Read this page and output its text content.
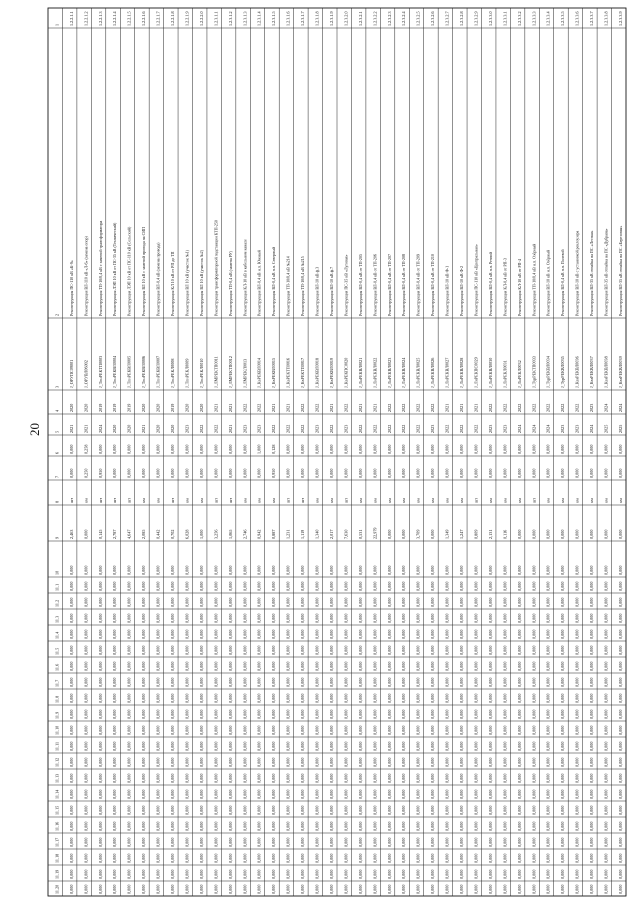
1
2
3
4
5
6
7
8
9
10
11.1
11.2
11.3
11.4
11.5
11.6
11.7
11.8
11.9
11.10
11.11
11.12
11.13
11.14
11.15
11.16
11.17
11.18
11.19
11.20
1.2.2.1.1
Реконструкция ПС-110 кВ «К-9»
J_ОРУПС09001
2020
2021
0,000
0,000
шт
2,463
0,000
0,000
0,000
0,000
0,000
0,000
0,000
0,000
0,000
0,000
0,000
0,000
0,000
0,000
0,000
0,000
0,000
0,000
0,000
0,000
0,000
1.2.2.1.2
Реконструкция ВЛ-110 кВ «Л-6» (замена опор)
J_ОРУВЛ06002
2020
2021
0,258
0,250
км
0,000
0,000
0,000
0,000
0,000
0,000
0,000
0,000
0,000
0,000
0,000
0,000
0,000
0,000
0,000
0,000
0,000
0,000
0,000
0,000
0,000
0,000
1.2.2.1.3
Реконструкция ТП-10/0,4 кВ с заменой трансформатора
J_ТпнРЕКТП0003
2019
2024
0,000
0,950
шт
0,145
0,000
0,000
0,000
0,000
0,000
0,000
0,000
0,000
0,000
0,000
0,000
0,000
0,000
0,000
0,000
0,000
0,000
0,000
0,000
0,000
0,000
1.2.2.1.4
Реконструкция ЛЭП 10 кВ от ПС-35 кВ (Технический)
J_ТпнРЕКВЛ0004
2019
2020
0,000
0,000
шт
2,787
0,000
0,000
0,000
0,000
0,000
0,000
0,000
0,000
0,000
0,000
0,000
0,000
0,000
0,000
0,000
0,000
0,000
0,000
0,000
0,000
0,000
1.2.2.1.5
Реконструкция ЛЭП 10 кВ от ПС-110 кВ (Сельский)
J_ТпнРЕКВЛ0005
2019
2020
0,000
0,000
шт
4,647
0,000
0,000
0,000
0,000
0,000
0,000
0,000
0,000
0,000
0,000
0,000
0,000
0,000
0,000
0,000
0,000
0,000
0,000
0,000
0,000
0,000
1.2.2.1.6
Реконструкция ВЛ 10 кВ с заменой провода на СИП
J_ТпнРЕКВЛ0006
2020
2021
0,000
0,000
км
2,085
0,000
0,000
0,000
0,000
0,000
0,000
0,000
0,000
0,000
0,000
0,000
0,000
0,000
0,000
0,000
0,000
0,000
0,000
0,000
0,000
0,000
1.2.2.1.7
Реконструкция ВЛ-0,4 кВ (замена провода)
J_ТпнРЕКВЛ0007
2020
2020
0,000
0,000
км
0,442
0,000
0,000
0,000
0,000
0,000
0,000
0,000
0,000
0,000
0,000
0,000
0,000
0,000
0,000
0,000
0,000
0,000
0,000
0,000
0,000
0,000
1.2.2.1.8
Реконструкция КЛ 10 кВ от РП до ТП
J_ТпнРЕКЛ0008
2019
2020
0,000
0,000
шт
0,702
0,000
0,000
0,000
0,000
0,000
0,000
0,000
0,000
0,000
0,000
0,000
0,000
0,000
0,000
0,000
0,000
0,000
0,000
0,000
0,000
0,000
1.2.2.1.9
Реконструкция ВЛ 10 кВ (участок №1)
J_ТпнРЕКЛ0009
2020
2023
0,000
0,000
км
6,028
0,000
0,000
0,000
0,000
0,000
0,000
0,000
0,000
0,000
0,000
0,000
0,000
0,000
0,000
0,000
0,000
0,000
0,000
0,000
0,000
0,000
1.2.2.2.0
Реконструкция ВЛ 10 кВ (участок №2)
J_ТпнРЕКЛ0010
2020
2022
0,000
0,000
км
1,000
0,000
0,000
0,000
0,000
0,000
0,000
0,000
0,000
0,000
0,000
0,000
0,000
0,000
0,000
0,000
0,000
0,000
0,000
0,000
0,000
0,000
1.2.3.1.1
Реконструкция трансформаторной подстанции КТП-250
J_ЛМРЕКТП0011
2021
2022
0,000
0,000
шт
3,256
0,000
0,000
0,000
0,000
0,000
0,000
0,000
0,000
0,000
0,000
0,000
0,000
0,000
0,000
0,000
0,000
0,000
0,000
0,000
0,000
0,000
1.2.3.1.2
Реконструкция ТП-0,4 кВ (замена РУ)
J_ЛМРЕКТП0012
2021
2021
0,000
0,000
шт
1,065
0,000
0,000
0,000
0,000
0,000
0,000
0,000
0,000
0,000
0,000
0,000
0,000
0,000
0,000
0,000
0,000
0,000
0,000
0,000
0,000
0,000
1.2.3.1.3
Реконструкция КЛ-10 кВ в кабельном канале
J_ЛМРЕКЛ0013
2022
2023
0,000
0,000
км
2,746
0,000
0,000
0,000
0,000
0,000
0,000
0,000
0,000
0,000
0,000
0,000
0,000
0,000
0,000
0,000
0,000
0,000
0,000
0,000
0,000
0,000
1.2.3.1.4
Реконструкция ВЛ-0,4 кВ н.п. Южный
J_КвРЕКВЛ0014
2022
2023
1,000
0,000
км
0,942
0,000
0,000
0,000
0,000
0,000
0,000
0,000
0,000
0,000
0,000
0,000
0,000
0,000
0,000
0,000
0,000
0,000
0,000
0,000
0,000
0,000
1.2.3.1.5
Реконструкция ВЛ-0,4 кВ н.п. Северный
J_КвРЕКВЛ0015
2021
2022
0,128
0,950
км
0,887
0,000
0,000
0,000
0,000
0,000
0,000
0,000
0,000
0,000
0,000
0,000
0,000
0,000
0,000
0,000
0,000
0,000
0,000
0,000
0,000
0,000
1.2.3.1.6
Реконструкция ТП-10/0,4 кВ №214
J_КвРЕКТП0016
2021
2022
0,000
0,000
шт
1,231
0,000
0,000
0,000
0,000
0,000
0,000
0,000
0,000
0,000
0,000
0,000
0,000
0,000
0,000
0,000
0,000
0,000
0,000
0,000
0,000
0,000
1.2.3.1.7
Реконструкция ТП-10/0,4 кВ №215
J_КвРЕКТП0017
2022
2022
0,000
0,000
шт
1,119
0,000
0,000
0,000
0,000
0,000
0,000
0,000
0,000
0,000
0,000
0,000
0,000
0,000
0,000
0,000
0,000
0,000
0,000
0,000
0,000
0,000
1.2.3.1.8
Реконструкция ВЛ-10 кВ ф.3
J_КвРЕКВЛ0018
2022
2023
0,000
0,000
км
1,340
0,000
0,000
0,000
0,000
0,000
0,000
0,000
0,000
0,000
0,000
0,000
0,000
0,000
0,000
0,000
0,000
0,000
0,000
0,000
0,000
0,000
1.2.3.1.9
Реконструкция ВЛ-10 кВ ф.7
J_КвРЕКВЛ0019
2021
2022
0,000
0,000
км
2,017
0,000
0,000
0,000
0,000
0,000
0,000
0,000
0,000
0,000
0,000
0,000
0,000
0,000
0,000
0,000
0,000
0,000
0,000
0,000
0,000
0,000
1.2.3.2.0
Реконструкция ПС-35 кВ «Луговая»
J_КвРЕКПС0020
2022
2023
0,000
0,000
шт
7,630
0,000
0,000
0,000
0,000
0,000
0,000
0,000
0,000
0,000
0,000
0,000
0,000
0,000
0,000
0,000
0,000
0,000
0,000
0,000
0,000
0,000
1.2.3.2.1
Реконструкция ВЛ-0,4 кВ от ТП-205
J_ЛнРЕКВЛ0021
2021
2022
0,000
0,000
км
0,531
0,000
0,000
0,000
0,000
0,000
0,000
0,000
0,000
0,000
0,000
0,000
0,000
0,000
0,000
0,000
0,000
0,000
0,000
0,000
0,000
0,000
1.2.3.2.2
Реконструкция ВЛ-0,4 кВ от ТП-206
J_ЛнРЕКВЛ0022
2021
2022
0,000
0,000
км
22,979
0,000
0,000
0,000
0,000
0,000
0,000
0,000
0,000
0,000
0,000
0,000
0,000
0,000
0,000
0,000
0,000
0,000
0,000
0,000
0,000
0,000
1.2.3.2.3
Реконструкция ВЛ-0,4 кВ от ТП-207
J_ЛнРЕКВЛ0023
2022
2022
0,000
0,000
км
0,000
0,000
0,000
0,000
0,000
0,000
0,000
0,000
0,000
0,000
0,000
0,000
0,000
0,000
0,000
0,000
0,000
0,000
0,000
0,000
0,000
0,000
1.2.3.2.4
Реконструкция ВЛ-0,4 кВ от ТП-208
J_ЛнРЕКВЛ0024
2022
2022
0,000
0,000
км
0,000
0,000
0,000
0,000
0,000
0,000
0,000
0,000
0,000
0,000
0,000
0,000
0,000
0,000
0,000
0,000
0,000
0,000
0,000
0,000
0,000
0,000
1.2.3.2.5
Реконструкция ВЛ-0,4 кВ от ТП-209
J_ЛнРЕКВЛ0025
2022
2022
0,000
0,000
км
3,709
0,000
0,000
0,000
0,000
0,000
0,000
0,000
0,000
0,000
0,000
0,000
0,000
0,000
0,000
0,000
0,000
0,000
0,000
0,000
0,000
0,000
1.2.3.2.6
Реконструкция ВЛ-0,4 кВ от ТП-210
J_ЛнРЕКВЛ0026
2022
2023
0,000
0,000
км
0,000
0,000
0,000
0,000
0,000
0,000
0,000
0,000
0,000
0,000
0,000
0,000
0,000
0,000
0,000
0,000
0,000
0,000
0,000
0,000
0,000
0,000
1.2.3.2.7
Реконструкция ВЛ-10 кВ Ф-1
J_ЛнРЕКВЛ0027
2021
2022
0,000
0,000
км
1,349
0,000
0,000
0,000
0,000
0,000
0,000
0,000
0,000
0,000
0,000
0,000
0,000
0,000
0,000
0,000
0,000
0,000
0,000
0,000
0,000
0,000
1.2.3.2.8
Реконструкция ВЛ-10 кВ Ф-2
J_ЛнРЕКВЛ0028
2021
2022
0,000
0,000
км
1,247
0,000
0,000
0,000
0,000
0,000
0,000
0,000
0,000
0,000
0,000
0,000
0,000
0,000
0,000
0,000
0,000
0,000
0,000
0,000
0,000
0,000
1.2.3.2.9
Реконструкция ПС-110 кВ «Центральная»
J_ЛнРЕКПС0029
2021
2022
0,000
0,000
шт
0,809
0,000
0,000
0,000
0,000
0,000
0,000
0,000
0,000
0,000
0,000
0,000
0,000
0,000
0,000
0,000
0,000
0,000
0,000
0,000
0,000
0,000
1.2.3.3.0
Реконструкция ВЛ-0,4 кВ н.п. Речной
J_ЛнРЕКВЛ0030
2022
2023
0,000
0,000
км
2,131
0,000
0,000
0,000
0,000
0,000
0,000
0,000
0,000
0,000
0,000
0,000
0,000
0,000
0,000
0,000
0,000
0,000
0,000
0,000
0,000
0,000
1.2.3.3.1
Реконструкция КЛ-0,4 кВ от РП-3
J_ЛнРЕКЛ0031
2022
2023
0,000
0,000
км
0,116
0,000
0,000
0,000
0,000
0,000
0,000
0,000
0,000
0,000
0,000
0,000
0,000
0,000
0,000
0,000
0,000
0,000
0,000
0,000
0,000
0,000
1.2.3.3.2
Реконструкция КЛ-10 кВ от РП-4
J_ЛнРЕКЛ0032
2022
2024
0,000
0,000
км
0,000
0,000
0,000
0,000
0,000
0,000
0,000
0,000
0,000
0,000
0,000
0,000
0,000
0,000
0,000
0,000
0,000
0,000
0,000
0,000
0,000
0,000
1.2.3.3.3
Реконструкция ТП-10/0,4 кВ н.п. Озёрный
J_ТурРЕКТП0033
2022
2024
0,000
0,000
шт
0,000
0,000
0,000
0,000
0,000
0,000
0,000
0,000
0,000
0,000
0,000
0,000
0,000
0,000
0,000
0,000
0,000
0,000
0,000
0,000
0,000
0,000
1.2.3.3.4
Реконструкция ВЛ-10 кВ н.п. Озёрный
J_ТурРЕКВЛ0034
2022
2024
0,000
0,000
км
0,000
0,000
0,000
0,000
0,000
0,000
0,000
0,000
0,000
0,000
0,000
0,000
0,000
0,000
0,000
0,000
0,000
0,000
0,000
0,000
0,000
0,000
1.2.3.3.5
Реконструкция ВЛ-0,4 кВ н.п. Полевой
J_ТурРЕКВЛ0035
2022
2023
0,000
0,000
км
0,000
0,000
0,000
0,000
0,000
0,000
0,000
0,000
0,000
0,000
0,000
0,000
0,000
0,000
0,000
0,000
0,000
0,000
0,000
0,000
0,000
0,000
1.2.3.3.6
Реконструкция ВЛ-10 кВ с установкой реклоузера
J_КвзРЕКВЛ0036
2022
2023
0,000
0,000
км
0,000
0,000
0,000
0,000
0,000
0,000
0,000
0,000
0,000
0,000
0,000
0,000
0,000
0,000
0,000
0,000
0,000
0,000
0,000
0,000
0,000
0,000
1.2.3.3.7
Реконструкция ВЛ-35 кВ отпайка на ПС «Лесная»
J_КвзРЕКВЛ0037
2023
2024
0,000
0,000
км
0,000
0,000
0,000
0,000
0,000
0,000
0,000
0,000
0,000
0,000
0,000
0,000
0,000
0,000
0,000
0,000
0,000
0,000
0,000
0,000
0,000
0,000
1.2.3.3.8
Реконструкция ВЛ-35 кВ отпайка на ПС «Дубрава»
J_КвзРЕКВЛ0038
2024
2025
0,000
0,000
км
0,000
0,000
0,000
0,000
0,000
0,000
0,000
0,000
0,000
0,000
0,000
0,000
0,000
0,000
0,000
0,000
0,000
0,000
0,000
0,000
0,000
0,000
1.2.3.3.9
Реконструкция ВЛ-35 кВ отпайка на ПС «Березовая»
J_КвзРЕКВЛ0039
2024
2025
0,000
0,000
км
0,000
0,000
0,000
0,000
0,000
0,000
0,000
0,000
0,000
0,000
0,000
0,000
0,000
0,000
0,000
0,000
0,000
0,000
0,000
0,000
0,000
0,000
20
